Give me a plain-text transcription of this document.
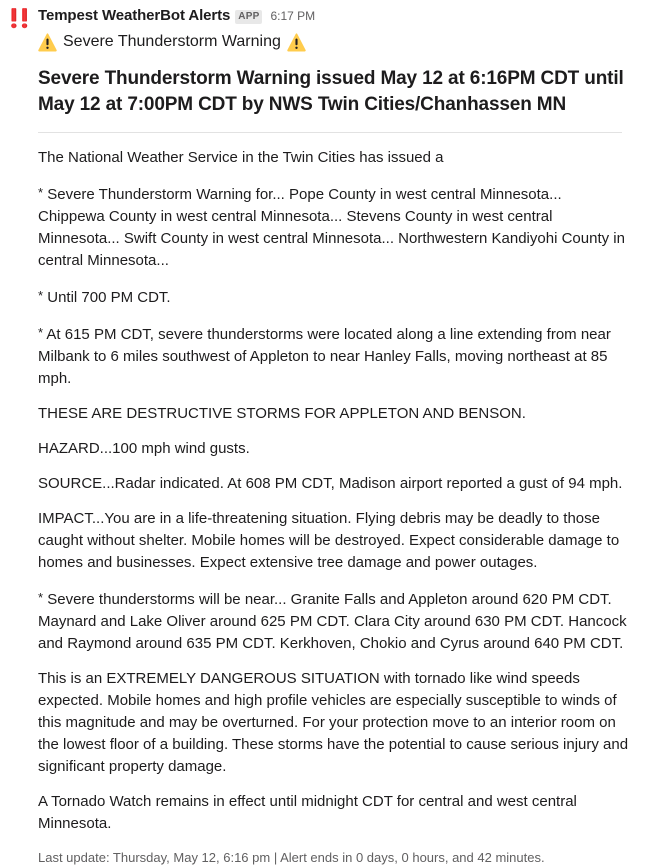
Tempest WeatherBot Alerts APP 6:17 PM
Severe Thunderstorm Warning
Severe Thunderstorm Warning issued May 12 at 6:16PM CDT until May 12 at 7:00PM CDT by NWS Twin Cities/Chanhassen MN

The National Weather Service in the Twin Cities has issued a

* Severe Thunderstorm Warning for... Pope County in west central Minnesota... Chippewa County in west central Minnesota... Stevens County in west central Minnesota... Swift County in west central Minnesota... Northwestern Kandiyohi County in central Minnesota...

* Until 700 PM CDT.

* At 615 PM CDT, severe thunderstorms were located along a line extending from near Milbank to 6 miles southwest of Appleton to near Hanley Falls, moving northeast at 85 mph.

THESE ARE DESTRUCTIVE STORMS FOR APPLETON AND BENSON.

HAZARD...100 mph wind gusts.

SOURCE...Radar indicated. At 608 PM CDT, Madison airport reported a gust of 94 mph.

IMPACT...You are in a life-threatening situation. Flying debris may be deadly to those caught without shelter. Mobile homes will be destroyed. Expect considerable damage to homes and businesses. Expect extensive tree damage and power outages.

* Severe thunderstorms will be near... Granite Falls and Appleton around 620 PM CDT. Maynard and Lake Oliver around 625 PM CDT. Clara City around 630 PM CDT. Hancock and Raymond around 635 PM CDT. Kerkhoven, Chokio and Cyrus around 640 PM CDT.

This is an EXTREMELY DANGEROUS SITUATION with tornado like wind speeds expected. Mobile homes and high profile vehicles are especially susceptible to winds of this magnitude and may be overturned. For your protection move to an interior room on the lowest floor of a building. These storms have the potential to cause serious injury and significant property damage.

A Tornado Watch remains in effect until midnight CDT for central and west central Minnesota.

Last update: Thursday, May 12, 6:16 pm | Alert ends in 0 days, 0 hours, and 42 minutes.
